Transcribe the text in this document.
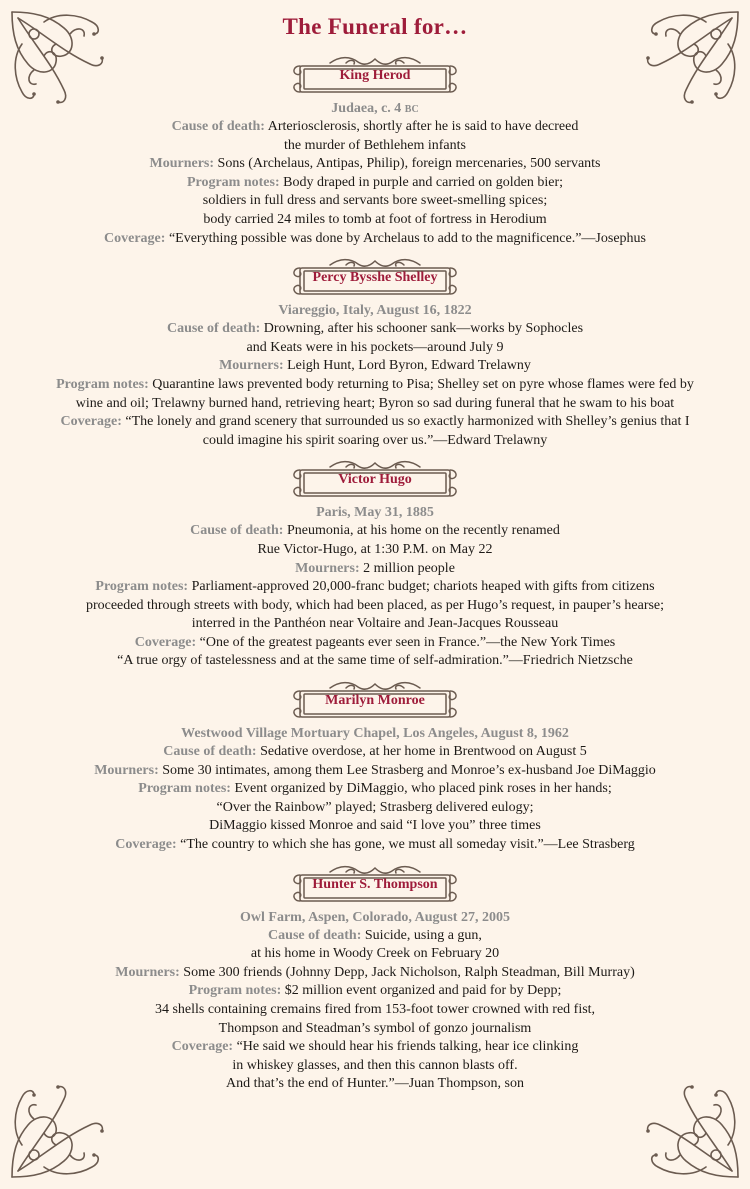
The Funeral for…
King Herod
Judaea, c. 4 bc
Cause of death: Arteriosclerosis, shortly after he is said to have decreed
the murder of Bethlehem infants
Mourners: Sons (Archelaus, Antipas, Philip), foreign mercenaries, 500 servants
Program notes: Body draped in purple and carried on golden bier;
soldiers in full dress and servants bore sweet-smelling spices;
body carried 24 miles to tomb at foot of fortress in Herodium
Coverage: “Everything possible was done by Archelaus to add to the magnificence.”—Josephus
Percy Bysshe Shelley
Viareggio, Italy, August 16, 1822
Cause of death: Drowning, after his schooner sank—works by Sophocles
and Keats were in his pockets—around July 9
Mourners: Leigh Hunt, Lord Byron, Edward Trelawny
Program notes: Quarantine laws prevented body returning to Pisa; Shelley set on pyre whose flames were fed by
wine and oil; Trelawny burned hand, retrieving heart; Byron so sad during funeral that he swam to his boat
Coverage: “The lonely and grand scenery that surrounded us so exactly harmonized with Shelley’s genius that I
could imagine his spirit soaring over us.”—Edward Trelawny
Victor Hugo
Paris, May 31, 1885
Cause of death: Pneumonia, at his home on the recently renamed
Rue Victor-Hugo, at 1:30 P.M. on May 22
Mourners: 2 million people
Program notes: Parliament-approved 20,000-franc budget; chariots heaped with gifts from citizens
proceeded through streets with body, which had been placed, as per Hugo’s request, in pauper’s hearse;
interred in the Panthéon near Voltaire and Jean-Jacques Rousseau
Coverage: “One of the greatest pageants ever seen in France.”—the New York Times
“A true orgy of tastelessness and at the same time of self-admiration.”—Friedrich Nietzsche
Marilyn Monroe
Westwood Village Mortuary Chapel, Los Angeles, August 8, 1962
Cause of death: Sedative overdose, at her home in Brentwood on August 5
Mourners: Some 30 intimates, among them Lee Strasberg and Monroe’s ex-husband Joe DiMaggio
Program notes: Event organized by DiMaggio, who placed pink roses in her hands;
“Over the Rainbow” played; Strasberg delivered eulogy;
DiMaggio kissed Monroe and said “I love you” three times
Coverage: “The country to which she has gone, we must all someday visit.”—Lee Strasberg
Hunter S. Thompson
Owl Farm, Aspen, Colorado, August 27, 2005
Cause of death: Suicide, using a gun,
at his home in Woody Creek on February 20
Mourners: Some 300 friends (Johnny Depp, Jack Nicholson, Ralph Steadman, Bill Murray)
Program notes: $2 million event organized and paid for by Depp;
34 shells containing cremains fired from 153-foot tower crowned with red fist,
Thompson and Steadman’s symbol of gonzo journalism
Coverage: “He said we should hear his friends talking, hear ice clinking
in whiskey glasses, and then this cannon blasts off.
And that’s the end of Hunter.”—Juan Thompson, son
